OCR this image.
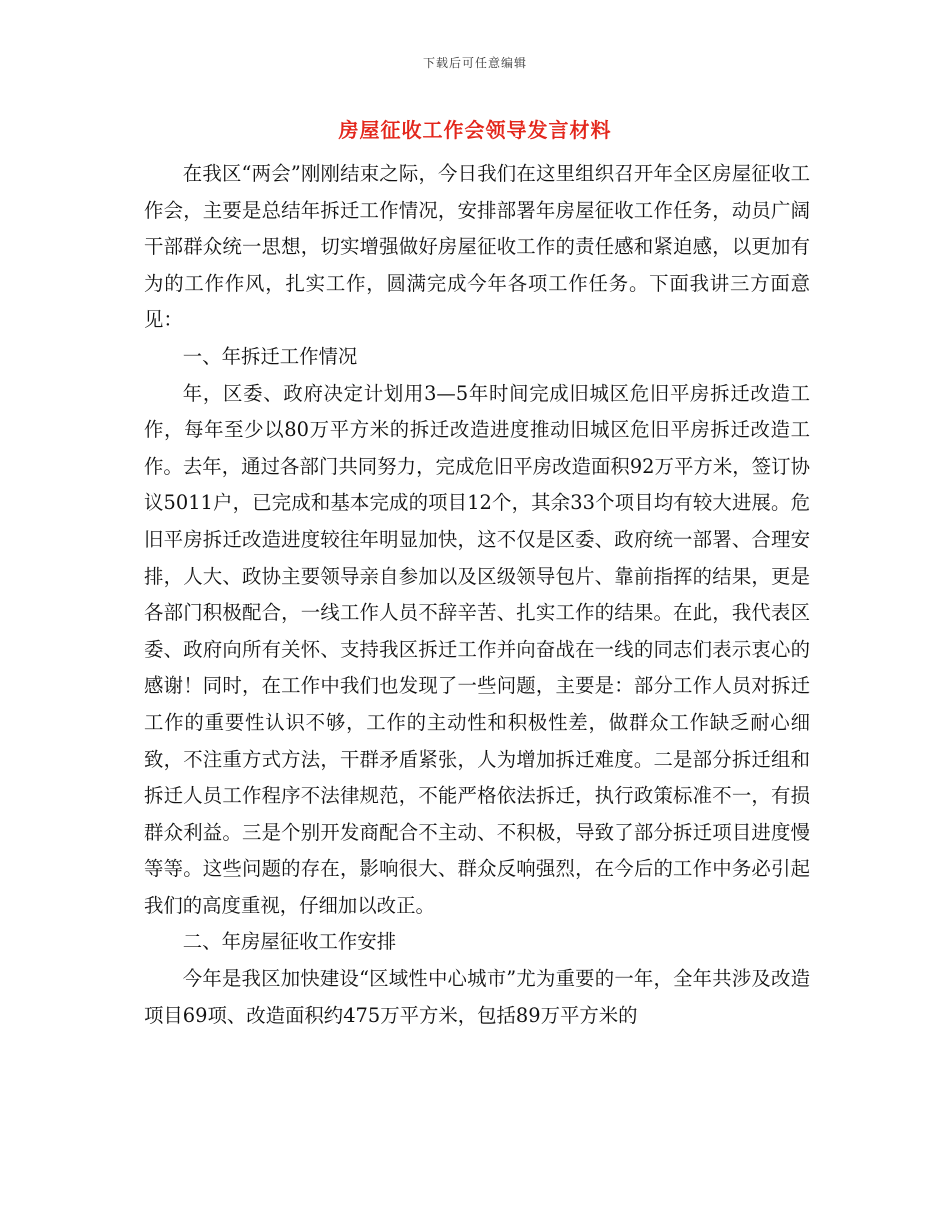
下载后可任意编辑
房屋征收工作会领导发言材料

在我区“两会”刚刚结束之际，今日我们在这里组织召开年全区房屋征收工作会，主要是总结年拆迁工作情况，安排部署年房屋征收工作任务，动员广阔干部群众统一思想，切实增强做好房屋征收工作的责任感和紧迫感，以更加有为的工作作风，扎实工作，圆满完成今年各项工作任务。下面我讲三方面意见：

一、年拆迁工作情况

年，区委、政府决定计划用3—5年时间完成旧城区危旧平房拆迁改造工作，每年至少以80万平方米的拆迁改造进度推动旧城区危旧平房拆迁改造工作。去年，通过各部门共同努力，完成危旧平房改造面积92万平方米，签订协议5011户，已完成和基本完成的项目12个，其余33个项目均有较大进展。危旧平房拆迁改造进度较往年明显加快，这不仅是区委、政府统一部署、合理安排，人大、政协主要领导亲自参加以及区级领导包片、靠前指挥的结果，更是各部门积极配合，一线工作人员不辞辛苦、扎实工作的结果。在此，我代表区委、政府向所有关怀、支持我区拆迁工作并向奋战在一线的同志们表示衷心的感谢！同时，在工作中我们也发现了一些问题，主要是：部分工作人员对拆迁工作的重要性认识不够，工作的主动性和积极性差，做群众工作缺乏耐心细致，不注重方式方法，干群矛盾紧张，人为增加拆迁难度。二是部分拆迁组和拆迁人员工作程序不法律规范，不能严格依法拆迁，执行政策标准不一，有损群众利益。三是个别开发商配合不主动、不积极，导致了部分拆迁项目进度慢等等。这些问题的存在，影响很大、群众反响强烈，在今后的工作中务必引起我们的高度重视，仔细加以改正。

二、年房屋征收工作安排

今年是我区加快建设“区域性中心城市”尤为重要的一年，全年共涉及改造项目69项、改造面积约475万平方米，包括89万平方米的
